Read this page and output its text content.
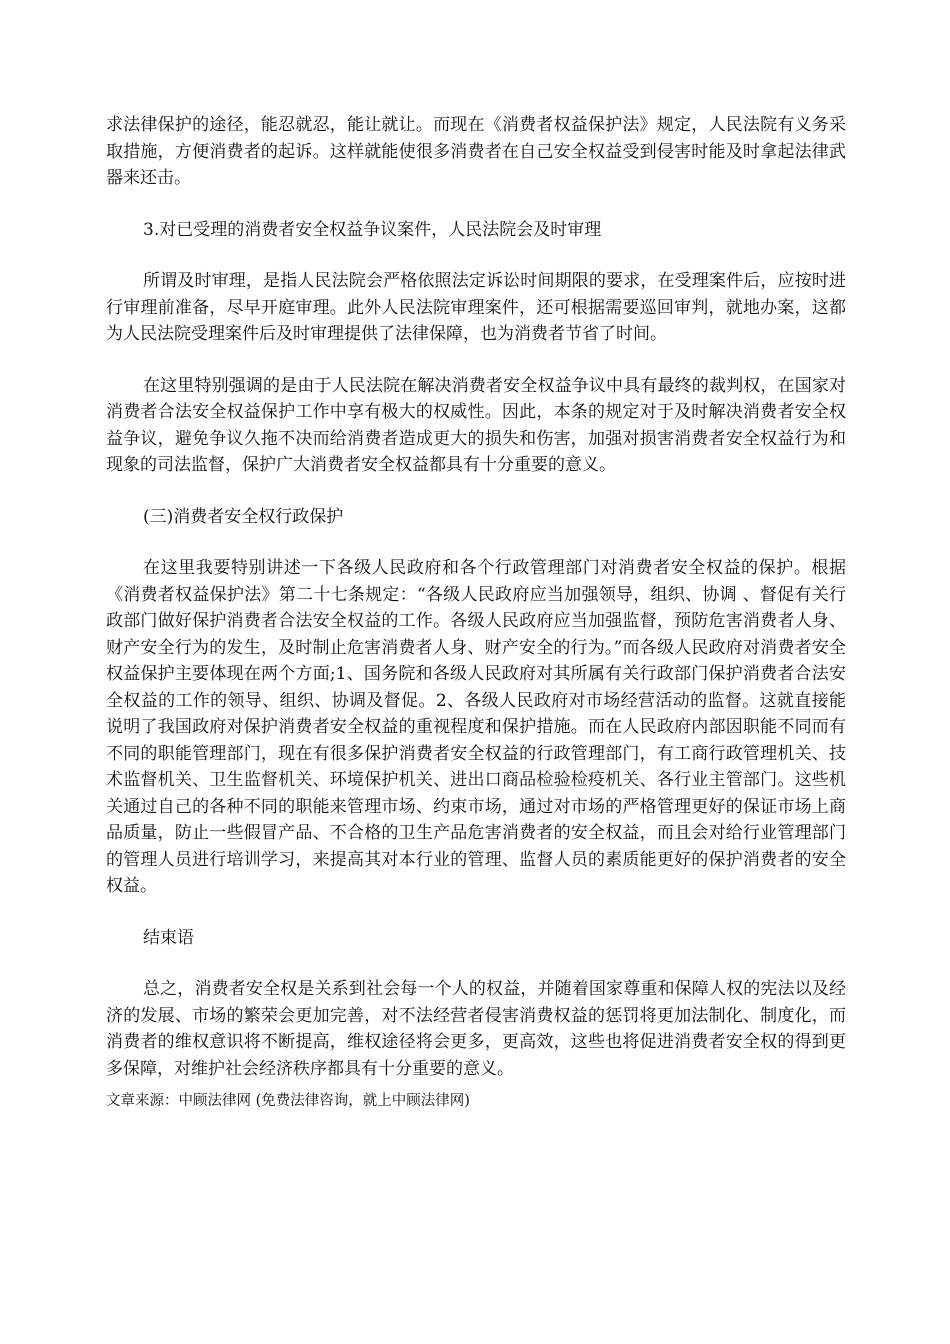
求法律保护的途径，能忍就忍，能让就让。而现在《消费者权益保护法》规定，人民法院有义务采取措施，方便消费者的起诉。这样就能使很多消费者在自己安全权益受到侵害时能及时拿起法律武器来还击。

3.对已受理的消费者安全权益争议案件，人民法院会及时审理

所谓及时审理，是指人民法院会严格依照法定诉讼时间期限的要求，在受理案件后，应按时进行审理前准备，尽早开庭审理。此外人民法院审理案件，还可根据需要巡回审判，就地办案，这都为人民法院受理案件后及时审理提供了法律保障，也为消费者节省了时间。

在这里特别强调的是由于人民法院在解决消费者安全权益争议中具有最终的裁判权，在国家对消费者合法安全权益保护工作中享有极大的权威性。因此，本条的规定对于及时解决消费者安全权益争议，避免争议久拖不决而给消费者造成更大的损失和伤害，加强对损害消费者安全权益行为和现象的司法监督，保护广大消费者安全权益都具有十分重要的意义。

(三)消费者安全权行政保护

在这里我要特别讲述一下各级人民政府和各个行政管理部门对消费者安全权益的保护。根据《消费者权益保护法》第二十七条规定：“各级人民政府应当加强领导，组织、协调 、督促有关行政部门做好保护消费者合法安全权益的工作。各级人民政府应当加强监督，预防危害消费者人身、财产安全行为的发生，及时制止危害消费者人身、财产安全的行为。”而各级人民政府对消费者安全权益保护主要体现在两个方面;1、国务院和各级人民政府对其所属有关行政部门保护消费者合法安全权益的工作的领导、组织、协调及督促。2、各级人民政府对市场经营活动的监督。这就直接能说明了我国政府对保护消费者安全权益的重视程度和保护措施。而在人民政府内部因职能不同而有不同的职能管理部门，现在有很多保护消费者安全权益的行政管理部门，有工商行政管理机关、技术监督机关、卫生监督机关、环境保护机关、进出口商品检验检疫机关、各行业主管部门。这些机关通过自己的各种不同的职能来管理市场、约束市场，通过对市场的严格管理更好的保证市场上商品质量，防止一些假冒产品、不合格的卫生产品危害消费者的安全权益，而且会对给行业管理部门的管理人员进行培训学习，来提高其对本行业的管理、监督人员的素质能更好的保护消费者的安全权益。

结束语

总之，消费者安全权是关系到社会每一个人的权益，并随着国家尊重和保障人权的宪法以及经济的发展、市场的繁荣会更加完善，对不法经营者侵害消费权益的惩罚将更加法制化、制度化，而消费者的维权意识将不断提高，维权途径将会更多，更高效，这些也将促进消费者安全权的得到更多保障，对维护社会经济秩序都具有十分重要的意义。

文章来源：中顾法律网 (免费法律咨询，就上中顾法律网)
